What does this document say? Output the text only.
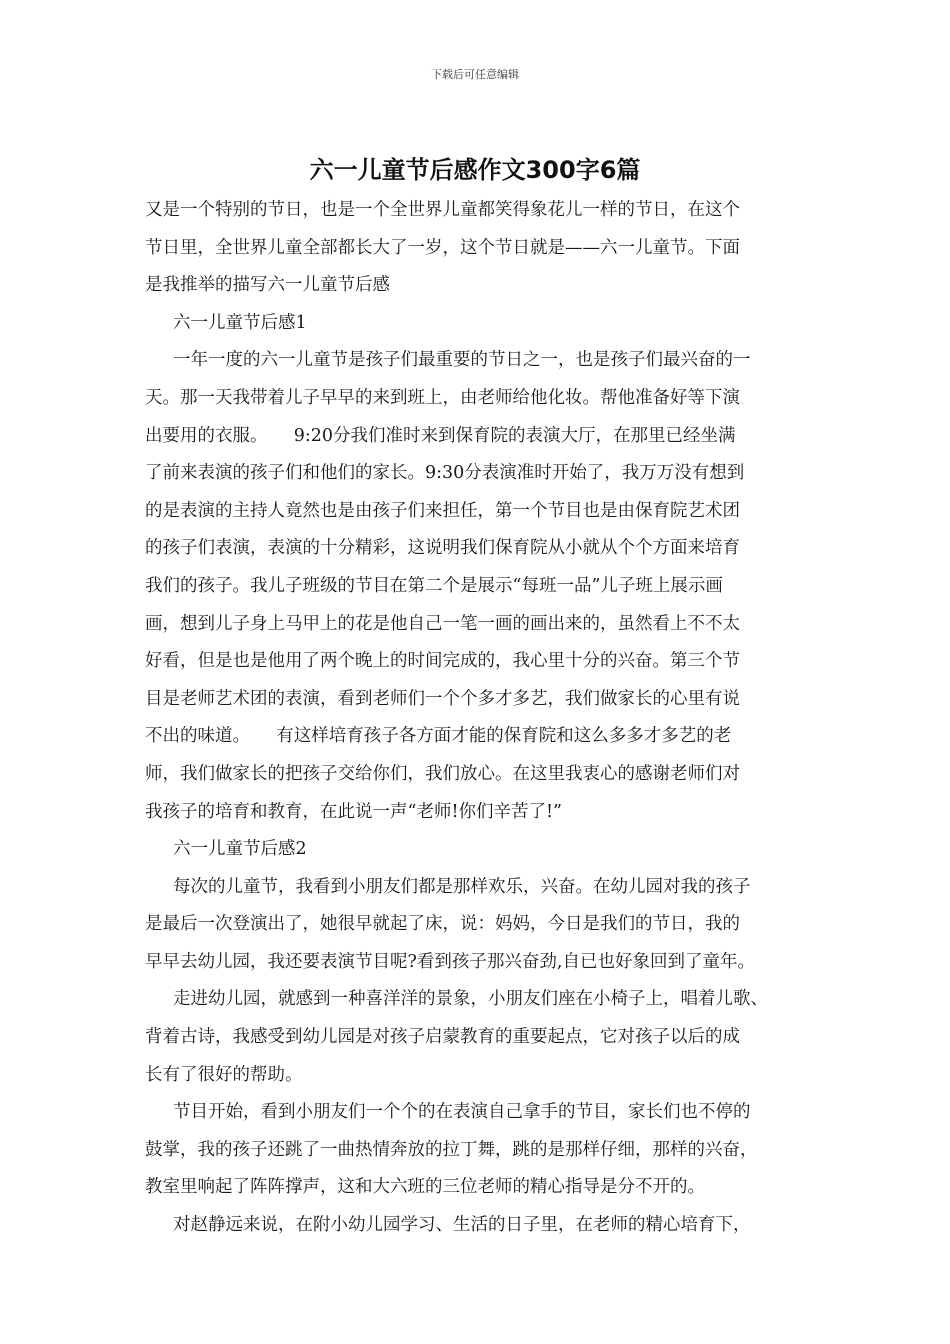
下载后可任意编辑
六一儿童节后感作文300字6篇

又是一个特别的节日，也是一个全世界儿童都笑得象花儿一样的节日，在这个

节日里，全世界儿童全部都长大了一岁，这个节日就是——六一儿童节。下面

是我推举的描写六一儿童节后感

六一儿童节后感1

一年一度的六一儿童节是孩子们最重要的节日之一，也是孩子们最兴奋的一

天。那一天我带着儿子早早的来到班上，由老师给他化妆。帮他准备好等下演

出要用的衣服。　　9:20分我们准时来到保育院的表演大厅，在那里已经坐满

了前来表演的孩子们和他们的家长。9:30分表演准时开始了，我万万没有想到

的是表演的主持人竟然也是由孩子们来担任，第一个节目也是由保育院艺术团

的孩子们表演，表演的十分精彩，这说明我们保育院从小就从个个方面来培育

我们的孩子。我儿子班级的节目在第二个是展示“每班一品”儿子班上展示画

画，想到儿子身上马甲上的花是他自己一笔一画的画出来的，虽然看上不不太

好看，但是也是他用了两个晚上的时间完成的，我心里十分的兴奋。第三个节

目是老师艺术团的表演，看到老师们一个个多才多艺，我们做家长的心里有说

不出的味道。　　有这样培育孩子各方面才能的保育院和这么多多才多艺的老

师，我们做家长的把孩子交给你们，我们放心。在这里我衷心的感谢老师们对

我孩子的培育和教育，在此说一声“老师!你们辛苦了!”

六一儿童节后感2

每次的儿童节，我看到小朋友们都是那样欢乐，兴奋。在幼儿园对我的孩子

是最后一次登演出了，她很早就起了床，说：妈妈，今日是我们的节日，我的

早早去幼儿园，我还要表演节目呢?看到孩子那兴奋劲,自已也好象回到了童年。

走进幼儿园，就感到一种喜洋洋的景象，小朋友们座在小椅子上，唱着儿歌、

背着古诗，我感受到幼儿园是对孩子启蒙教育的重要起点，它对孩子以后的成

长有了很好的帮助。

节目开始，看到小朋友们一个个的在表演自己拿手的节目，家长们也不停的

鼓掌，我的孩子还跳了一曲热情奔放的拉丁舞，跳的是那样仔细，那样的兴奋，

教室里响起了阵阵撑声，这和大六班的三位老师的精心指导是分不开的。

对赵静远来说，在附小幼儿园学习、生活的日子里，在老师的精心培育下，
